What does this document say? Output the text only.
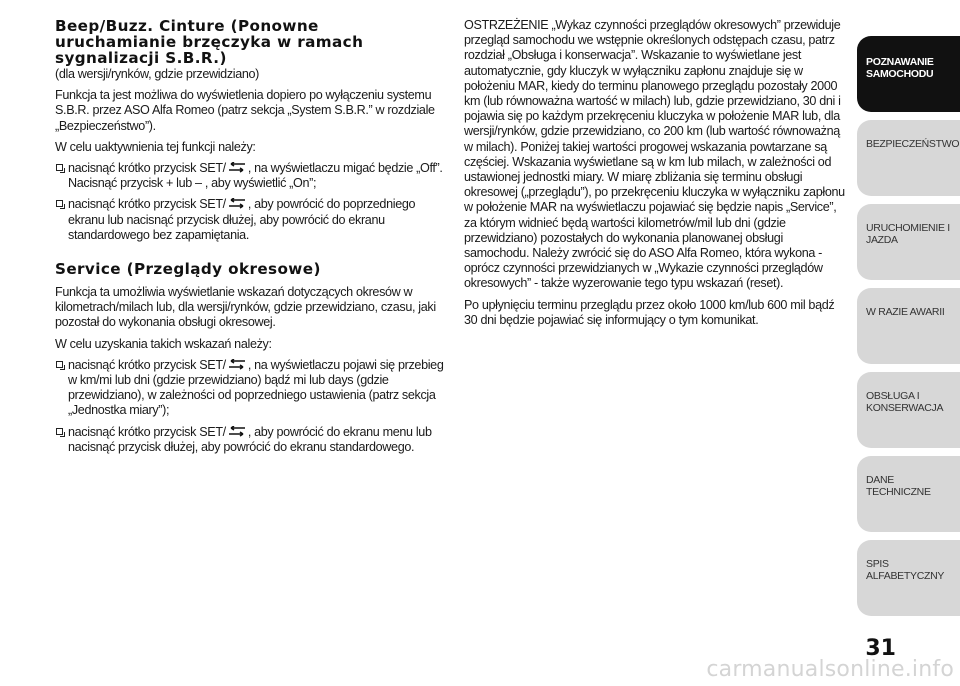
Beep/Buzz. Cinture (Ponowne uruchamianie brzęczyka w ramach sygnalizacji S.B.R.)

(dla wersji/rynków, gdzie przewidziano)

Funkcja ta jest możliwa do wyświetlenia dopiero po wyłączeniu systemu S.B.R. przez ASO Alfa Romeo (patrz sekcja „System S.B.R.” w rozdziale „Bezpieczeństwo”).

W celu uaktywnienia tej funkcji należy:

nacisnąć krótko przycisk SET/ , na wyświetlaczu migać będzie „Off”. Nacisnąć przycisk + lub – , aby wyświetlić „On”;
nacisnąć krótko przycisk SET/ , aby powrócić do poprzedniego ekranu lub nacisnąć przycisk dłużej, aby powrócić do ekranu standardowego bez zapamiętania.
Service (Przeglądy okresowe)

Funkcja ta umożliwia wyświetlanie wskazań dotyczących okresów w kilometrach/milach lub, dla wersji/rynków, gdzie przewidziano, czasu, jaki pozostał do wykonania obsługi okresowej.

W celu uzyskania takich wskazań należy:

nacisnąć krótko przycisk SET/ , na wyświetlaczu pojawi się przebieg w km/mi lub dni (gdzie przewidziano) bądź mi lub days (gdzie przewidziano), w zależności od poprzedniego ustawienia (patrz sekcja „Jednostka miary”);
nacisnąć krótko przycisk SET/ , aby powrócić do ekranu menu lub nacisnąć przycisk dłużej, aby powrócić do ekranu standardowego.

OSTRZEŻENIE „Wykaz czynności przeglądów okresowych” przewiduje przegląd samochodu we wstępnie określonych odstępach czasu, patrz rozdział „Obsługa i konserwacja”. Wskazanie to wyświetlane jest automatycznie, gdy kluczyk w wyłączniku zapłonu znajduje się w położeniu MAR, kiedy do terminu planowego przeglądu pozostały 2000 km (lub równoważna wartość w milach) lub, gdzie przewidziano, 30 dni i pojawia się po każdym przekręceniu kluczyka w położenie MAR lub, dla wersji/rynków, gdzie przewidziano, co 200 km (lub wartość równoważną w milach). Poniżej takiej wartości progowej wskazania powtarzane są częściej. Wskazania wyświetlane są w km lub milach, w zależności od ustawionej jednostki miary. W miarę zbliżania się terminu obsługi okresowej („przeglądu”), po przekręceniu kluczyka w wyłączniku zapłonu w położenie MAR na wyświetlaczu pojawiać się będzie napis „Service”, za którym widnieć będą wartości kilometrów/mil lub dni (gdzie przewidziano) pozostałych do wykonania planowanej obsługi samochodu. Należy zwrócić się do ASO Alfa Romeo, która wykona - oprócz czynności przewidzianych w „Wykazie czynności przeglądów okresowych” - także wyzerowanie tego typu wskazań (reset).

Po upłynięciu terminu przeglądu przez około 1000 km/lub 600 mil bądź 30 dni będzie pojawiać się informujący o tym komunikat.

POZNAWANIE SAMOCHODU
BEZPIECZEŃSTWO
URUCHOMIENIE I JAZDA
W RAZIE AWARII
OBSŁUGA I KONSERWACJA
DANE TECHNICZNE
SPIS ALFABETYCZNY
31
carmanualsonline.info
